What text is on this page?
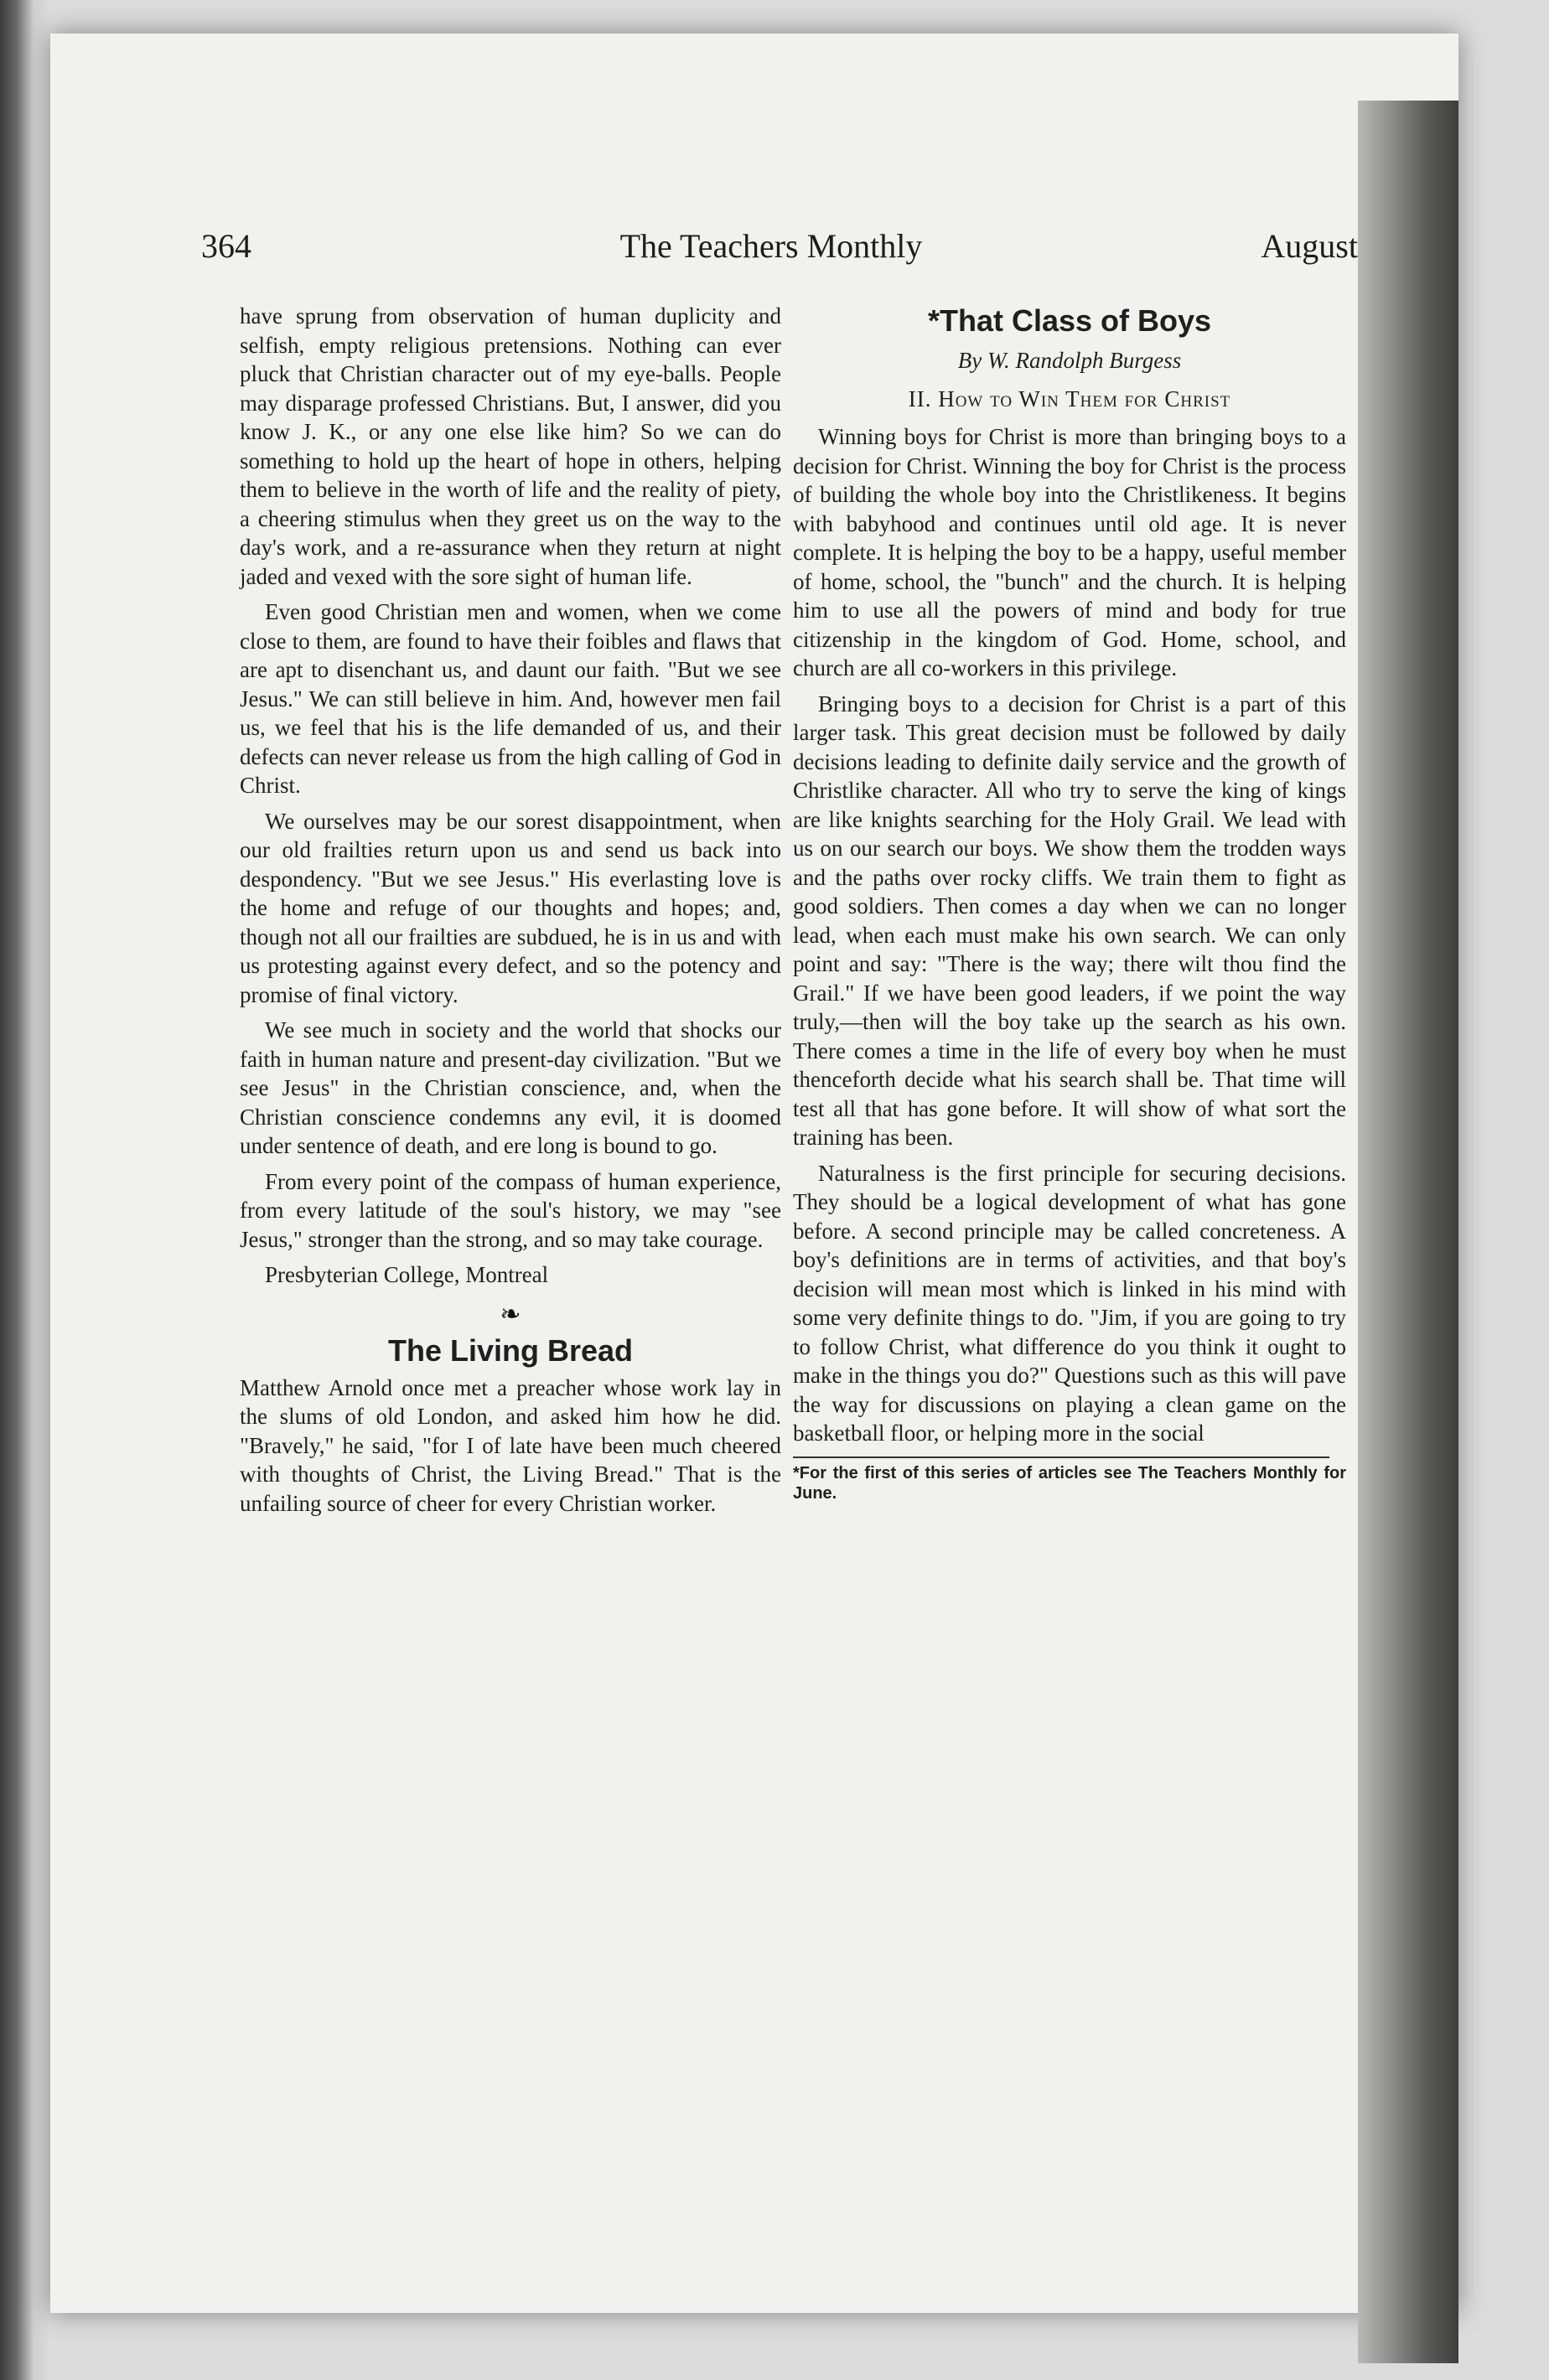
364	The Teachers Monthly	August

have sprung from observation of human duplicity and selfish, empty religious pretensions. Nothing can ever pluck that Christian character out of my eye-balls. People may disparage professed Christians. But, I answer, did you know J. K., or any one else like him? So we can do something to hold up the heart of hope in others, helping them to believe in the worth of life and the reality of piety, a cheering stimulus when they greet us on the way to the day's work, and a re-assurance when they return at night jaded and vexed with the sore sight of human life.

Even good Christian men and women, when we come close to them, are found to have their foibles and flaws that are apt to disenchant us, and daunt our faith. "But we see Jesus." We can still believe in him. And, however men fail us, we feel that his is the life demanded of us, and their defects can never release us from the high calling of God in Christ.

We ourselves may be our sorest disappointment, when our old frailties return upon us and send us back into despondency. "But we see Jesus." His everlasting love is the home and refuge of our thoughts and hopes; and, though not all our frailties are subdued, he is in us and with us protesting against every defect, and so the potency and promise of final victory.

We see much in society and the world that shocks our faith in human nature and present-day civilization. "But we see Jesus" in the Christian conscience, and, when the Christian conscience condemns any evil, it is doomed under sentence of death, and ere long is bound to go.

From every point of the compass of human experience, from every latitude of the soul's history, we may "see Jesus," stronger than the strong, and so may take courage.

Presbyterian College, Montreal

❧
The Living Bread

Matthew Arnold once met a preacher whose work lay in the slums of old London, and asked him how he did. "Bravely," he said, "for I of late have been much cheered with thoughts of Christ, the Living Bread." That is the unfailing source of cheer for every Christian worker.

*That Class of Boys
By W. Randolph Burgess
II. How to Win Them for Christ

Winning boys for Christ is more than bringing boys to a decision for Christ. Winning the boy for Christ is the process of building the whole boy into the Christlikeness. It begins with babyhood and continues until old age. It is never complete. It is helping the boy to be a happy, useful member of home, school, the "bunch" and the church. It is helping him to use all the powers of mind and body for true citizenship in the kingdom of God. Home, school, and church are all co-workers in this privilege.

Bringing boys to a decision for Christ is a part of this larger task. This great decision must be followed by daily decisions leading to definite daily service and the growth of Christlike character. All who try to serve the king of kings are like knights searching for the Holy Grail. We lead with us on our search our boys. We show them the trodden ways and the paths over rocky cliffs. We train them to fight as good soldiers. Then comes a day when we can no longer lead, when each must make his own search. We can only point and say: "There is the way; there wilt thou find the Grail." If we have been good leaders, if we point the way truly,—then will the boy take up the search as his own. There comes a time in the life of every boy when he must thenceforth decide what his search shall be. That time will test all that has gone before. It will show of what sort the training has been.

Naturalness is the first principle for securing decisions. They should be a logical development of what has gone before. A second principle may be called concreteness. A boy's definitions are in terms of activities, and that boy's decision will mean most which is linked in his mind with some very definite things to do. "Jim, if you are going to try to follow Christ, what difference do you think it ought to make in the things you do?" Questions such as this will pave the way for discussions on playing a clean game on the basketball floor, or helping more in the social

*For the first of this series of articles see The Teachers Monthly for June.
